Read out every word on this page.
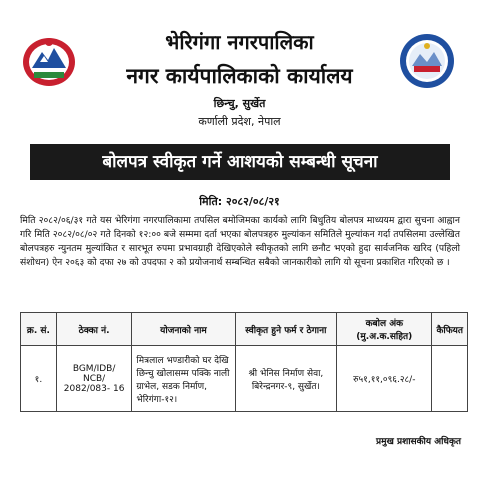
भेरिगंगा नगरपालिका
नगर कार्यपालिकाको कार्यालय
छिन्चु, सुर्खेत
कर्णाली प्रदेश, नेपाल
बोलपत्र स्वीकृत गर्ने आशयको सम्बन्धी सूचना
मिति: २०८२/०८/२१
मिति २०८२/०६/३१ गते यस भेरिगंगा नगरपालिकामा तपसिल बमोजिमका कार्यको लागि बिधुतिय बोलपत्र माध्ययम द्वारा सुचना आह्वान गरि मिति २०८२/०८/०२ गते दिनको १२:०० बजे सम्ममा दर्ता भएका बोलपत्रहरु मुल्यांकन समितिले मुल्यांकन गर्दा तपसिलमा उल्लेखित बोलपत्रहरु न्युनतम मुल्यांकित र सारभूत रुपमा प्रभावग्राही देखिएकोले स्वीकृतको लागि छनौट भएको हुदा सार्वजनिक खरिद (पहिलो संशोधन) ऐन २०६३ को दफा २७ को उपदफा २ को प्रयोजनार्थ सम्बन्धित सबैको जानकारीको लागि यो सूचना प्रकाशित गरिएको छ ।
क्र. सं.	ठेक्का नं.	योजनाको नाम	स्वीकृत हुने फर्म र ठेगाना	कबोल अंक (मु.अ.क.सहित)	कैफियत
१.	BGM/IDB/ NCB/ 2082/083- 16	मित्रलाल भण्डारीको घर देखि छिन्चु खोलासम्म पक्कि नाली ग्राभेल, सडक निर्माण, भेरिगंगा-१२।	श्री भेनिस निर्माण सेवा, बिरेन्द्रनगर-९, सुर्खेत।	रु५१,११,०९६.२८/-	
प्रमुख प्रशासकीय अधिकृत
